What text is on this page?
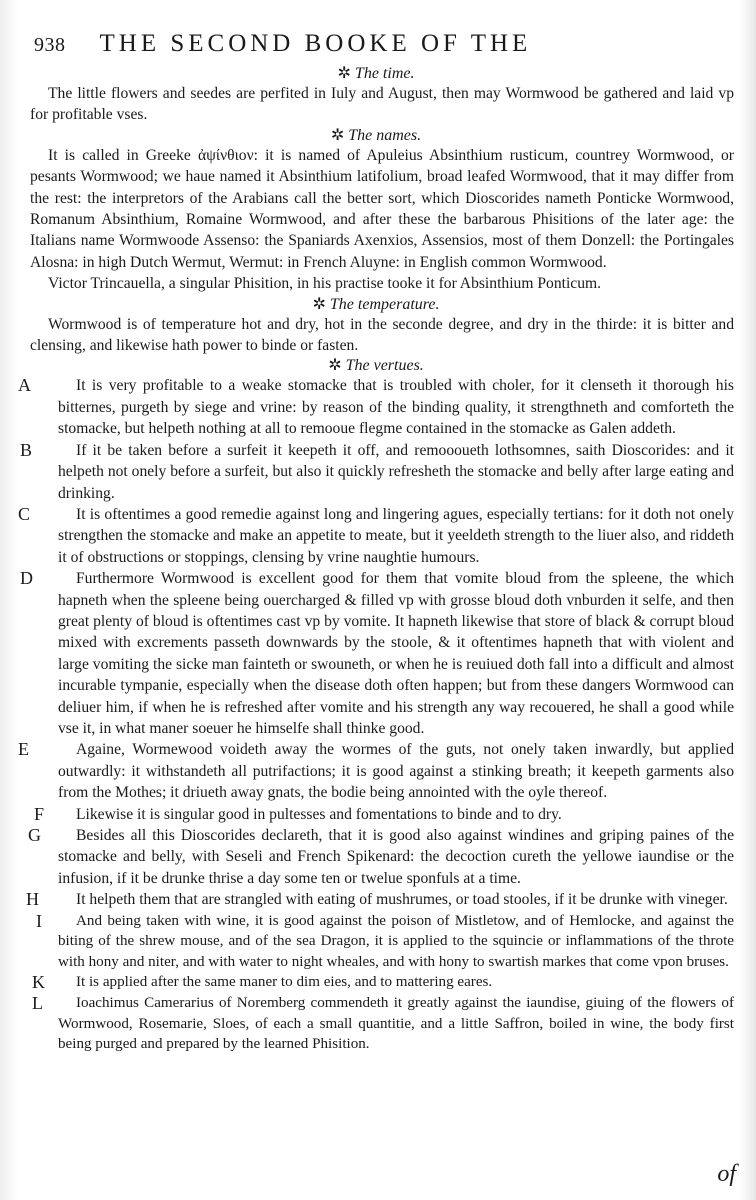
938 THE SECOND BOOKE OF THE
✲ The time.

The little flowers and seedes are perfited in Iuly and August, then may Wormwood be gathered and laid vp for profitable vses.

✲ The names.

It is called in Greeke ἀψίνθιον: it is named of Apuleius Absinthium rusticum, countrey Wormwood, or pesants Wormwood; we haue named it Absinthium latifolium, broad leafed Wormwood, that it may differ from the rest: the interpretors of the Arabians call the better sort, which Dioscorides nameth Ponticke Wormwood, Romanum Absinthium, Romaine Wormwood, and after these the barbarous Phisitions of the later age: the Italians name Wormwoode Assenso: the Spaniards Axenxios, Assensios, most of them Donzell: the Portingales Alosna: in high Dutch Wermut, Wermut: in French Aluyne: in English common Wormwood.

Victor Trincauella, a singular Phisition, in his practise tooke it for Absinthium Ponticum.

✲ The temperature.

Wormwood is of temperature hot and dry, hot in the seconde degree, and dry in the thirde: it is bitter and clensing, and likewise hath power to binde or fasten.

✲ The vertues.
A	It is very profitable to a weake stomacke that is troubled with choler, for it clenseth it thorough his bitternes, purgeth by siege and vrine: by reason of the binding quality, it strengthneth and comforteth the stomacke, but helpeth nothing at all to remooue flegme contained in the stomacke as Galen addeth.

B	If it be taken before a surfeit it keepeth it off, and remoooueth lothsomnes, saith Dioscorides: and it helpeth not onely before a surfeit, but also it quickly refresheth the stomacke and belly after large eating and drinking.

C	It is oftentimes a good remedie against long and lingering agues, especially tertians: for it doth not onely strengthen the stomacke and make an appetite to meate, but it yeeldeth strength to the liuer also, and riddeth it of obstructions or stoppings, clensing by vrine naughtie humours.

D	Furthermore Wormwood is excellent good for them that vomite bloud from the spleene, the which hapneth when the spleene being ouercharged & filled vp with grosse bloud doth vnburden it selfe, and then great plenty of bloud is oftentimes cast vp by vomite. It hapneth likewise that store of black & corrupt bloud mixed with excrements passeth downwards by the stoole, & it oftentimes hapneth that with violent and large vomiting the sicke man fainteth or swouneth, or when he is reuiued doth fall into a difficult and almost incurable tympanie, especially when the disease doth often happen; but from these dangers Wormwood can deliuer him, if when he is refreshed after vomite and his strength any way recouered, he shall a good while vse it, in what maner soeuer he himselfe shall thinke good.

E	Againe, Wormewood voideth away the wormes of the guts, not onely taken inwardly, but applied outwardly: it withstandeth all putrifactions; it is good against a stinking breath; it keepeth garments also from the Mothes; it driueth away gnats, the bodie being annointed with the oyle thereof.

F	Likewise it is singular good in pultesses and fomentations to binde and to dry.

G	Besides all this Dioscorides declareth, that it is good also against windines and griping paines of the stomacke and belly, with Seseli and French Spikenard: the decoction cureth the yellowe iaundise or the infusion, if it be drunke thrise a day some ten or twelue sponfuls at a time.

H	It helpeth them that are strangled with eating of mushrumes, or toad stooles, if it be drunke with vineger.

I	And being taken with wine, it is good against the poison of Mistletow, and of Hemlocke, and against the biting of the shrew mouse, and of the sea Dragon, it is applied to the squincie or inflammations of the throte with hony and niter, and with water to night wheales, and with hony to swartish markes that come vpon bruses.

K	It is applied after the same maner to dim eies, and to mattering eares.

L	Ioachimus Camerarius of Noremberg commendeth it greatly against the iaundise, giuing of the flowers of Wormwood, Rosemarie, Sloes, of each a small quantitie, and a little Saffron, boiled in wine, the body first being purged and prepared by the learned Phisition.

of
